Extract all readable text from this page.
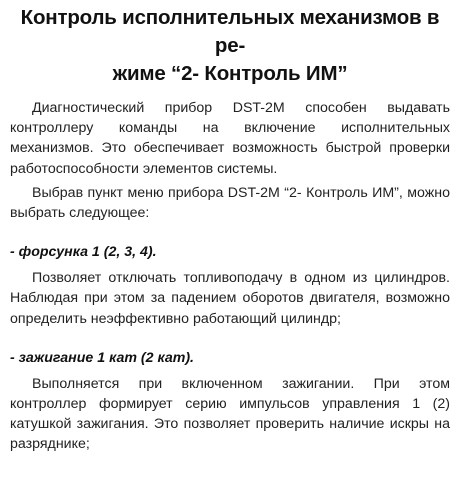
Контроль исполнительных механизмов в ре-
жиме “2- Контроль ИМ”

Диагностический прибор DST-2M способен выдавать контроллеру команды на включение исполнительных механизмов. Это обеспечивает возможность быстрой проверки работоспособности элементов системы.

Выбрав пункт меню прибора DST-2M “2- Контроль ИМ”, можно выбрать следующее:

- форсунка 1 (2, 3, 4).

Позволяет отключать топливоподачу в одном из цилиндров. Наблюдая при этом за падением оборотов двигателя, возможно определить неэффективно работающий цилиндр;

- зажигание 1 кат (2 кат).

Выполняется при включенном зажигании. При этом контроллер формирует серию импульсов управления 1 (2) катушкой зажигания. Это позволяет проверить наличие искры на разряднике;
